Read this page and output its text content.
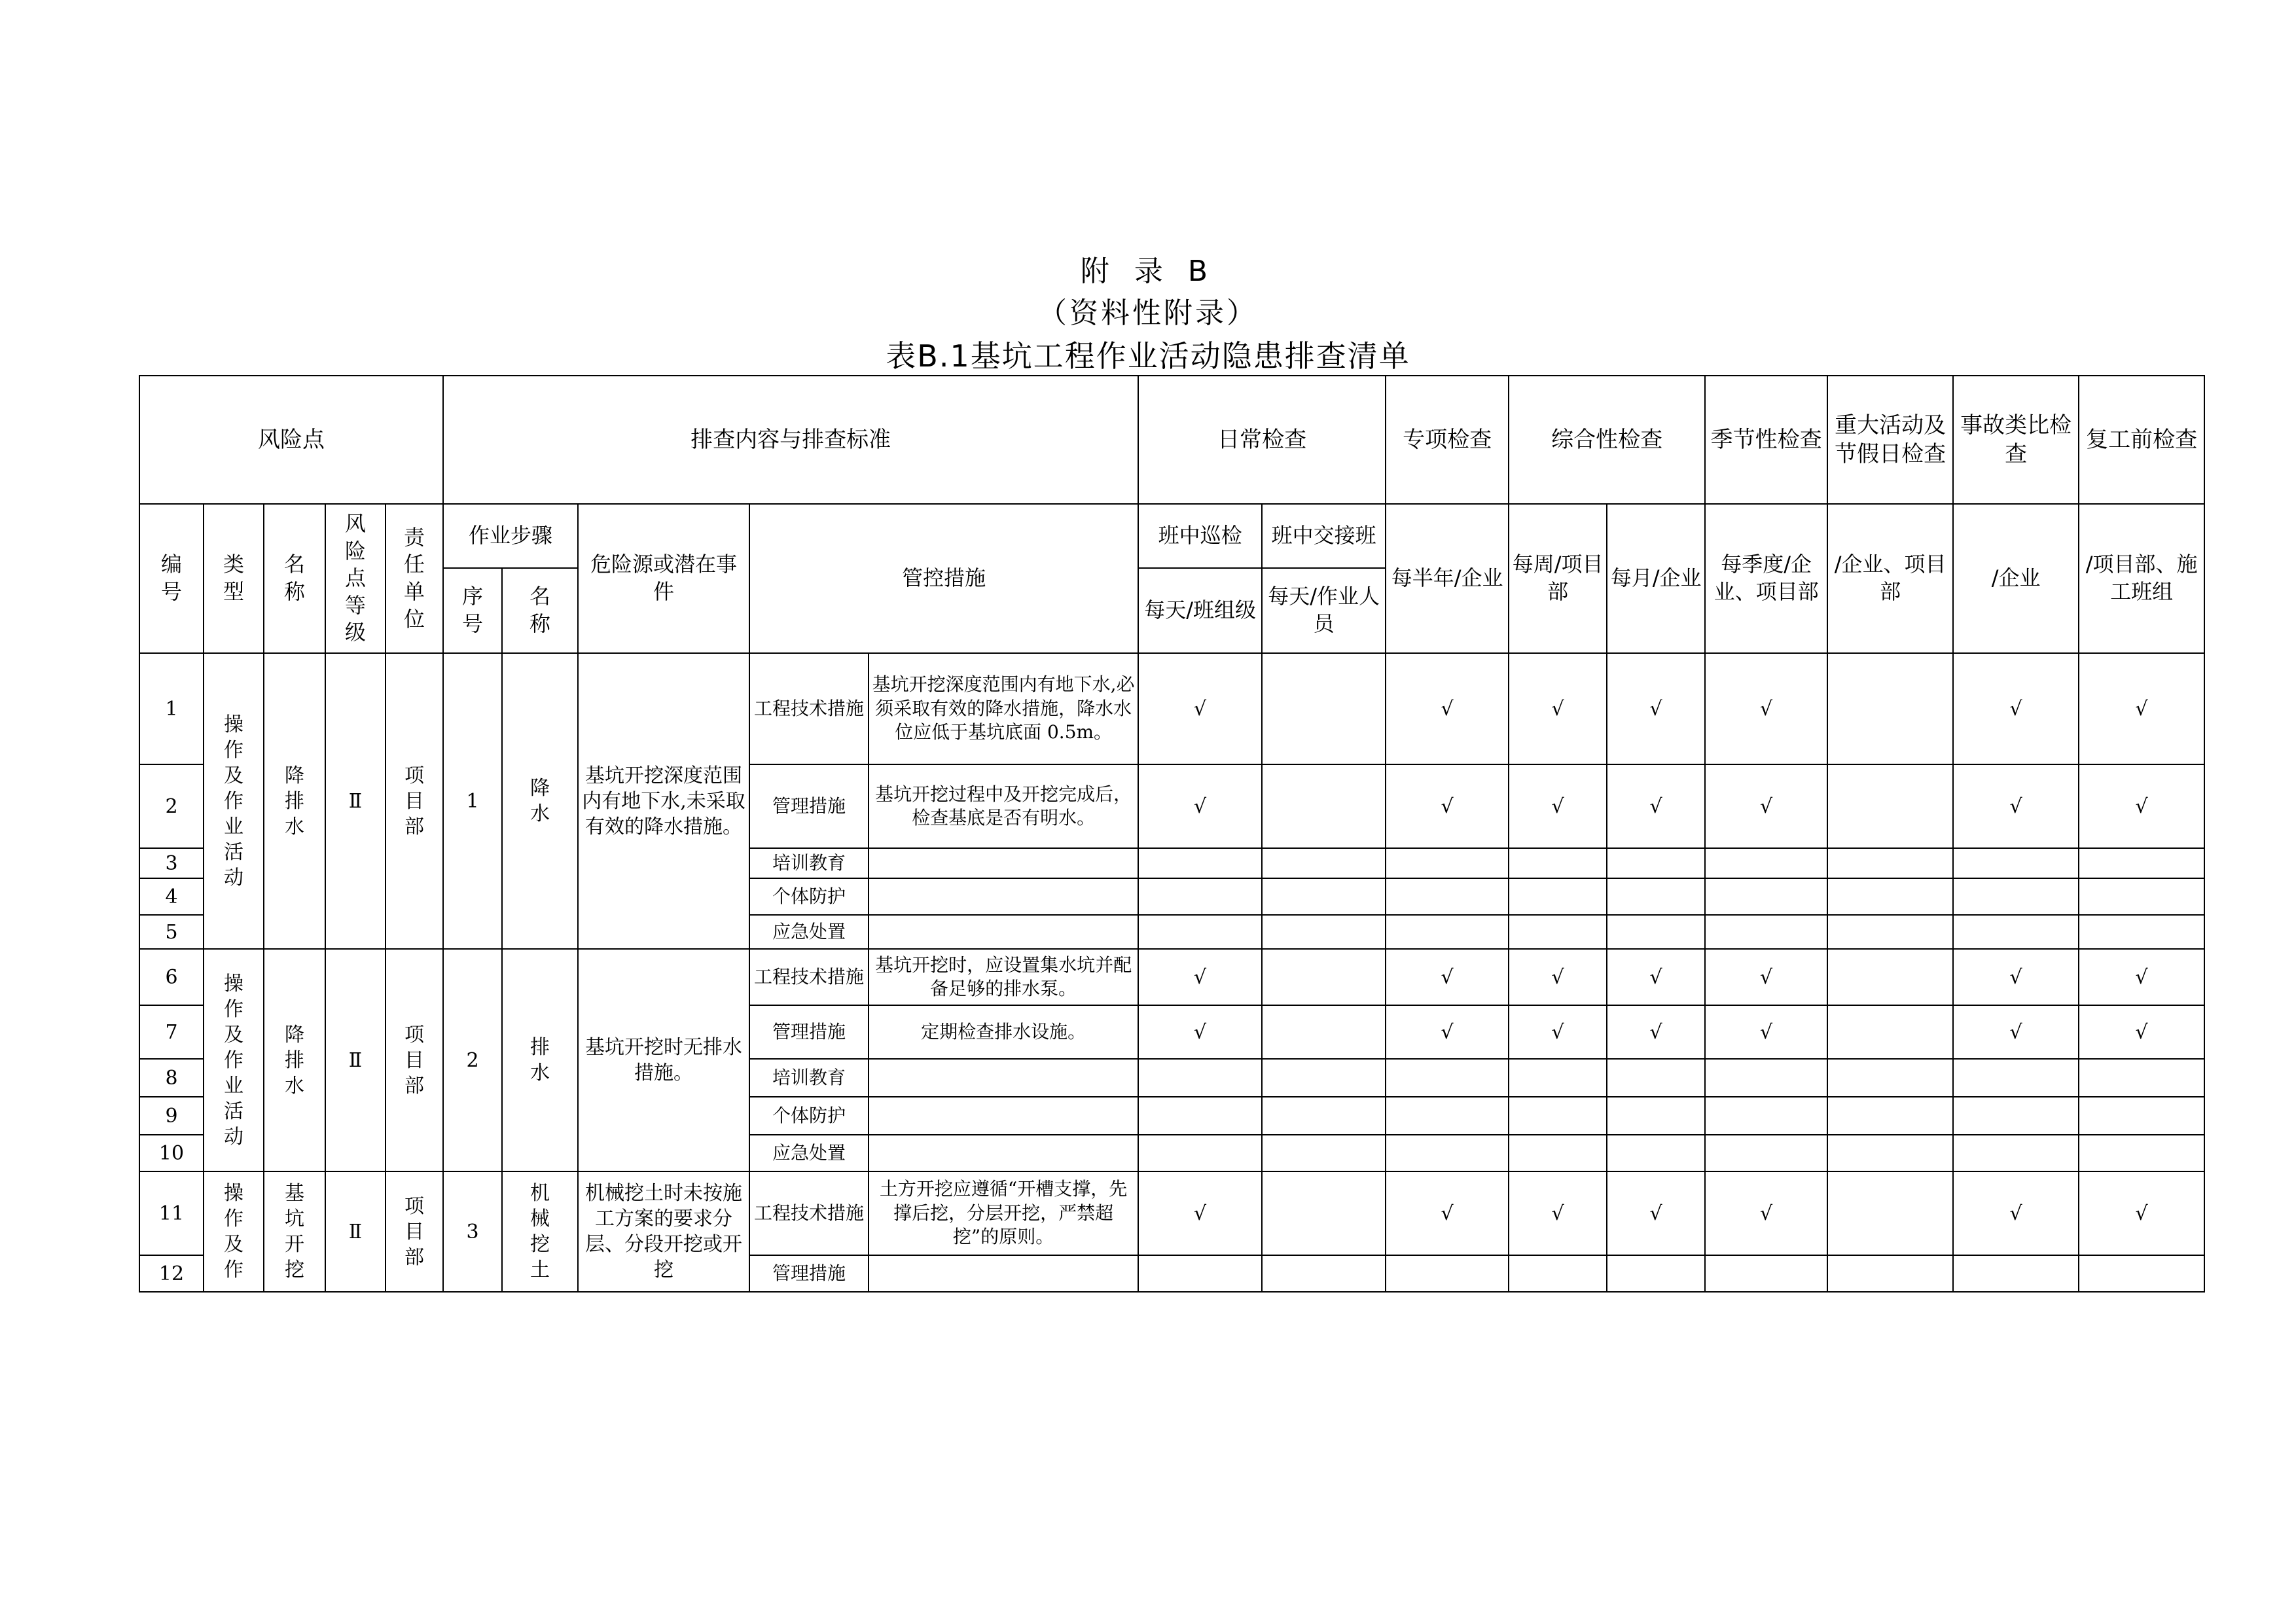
附 录 B
（资料性附录）
表B.1基坑工程作业活动隐患排查清单
风险点					排查内容与排查标准					日常检查		专项检查	综合性检查		季节性检查	重大活动及节假日检查	事故类比检查	复工前检查
编号	类型	名称	风险点等级	责任单位	作业步骤		危险源或潜在事件	管控措施		班中巡检	班中交接班	每半年/企业	每周/项目部	每月/企业	每季度/企业、项目部	/企业、项目部	/企业	/项目部、施工班组
					序号	名称				每天/班组级	每天/作业人员							
1	操作及作业活动	降排水	Ⅱ	项目部	1	降水	基坑开挖深度范围内有地下水,未采取有效的降水措施。	工程技术措施	基坑开挖深度范围内有地下水,必须采取有效的降水措施，降水水位应低于基坑底面 0.5m。	√		√	√	√	√		√	√
2								管理措施	基坑开挖过程中及开挖完成后，检查基底是否有明水。	√		√	√	√	√		√	√
3								培训教育										
4								个体防护										
5								应急处置										
6	操作及作业活动	降排水	Ⅱ	项目部	2	排水	基坑开挖时无排水措施。	工程技术措施	基坑开挖时，应设置集水坑并配备足够的排水泵。	√		√	√	√	√		√	√
7								管理措施	定期检查排水设施。	√		√	√	√	√		√	√
8								培训教育										
9								个体防护										
10								应急处置										
11	操作及作	基坑开挖	Ⅱ	项目部	3	机械挖土	机械挖土时未按施工方案的要求分层、分段开挖或开挖	工程技术措施	土方开挖应遵循“开槽支撑，先撑后挖，分层开挖，严禁超挖”的原则。	√		√	√	√	√		√	√
12								管理措施										
